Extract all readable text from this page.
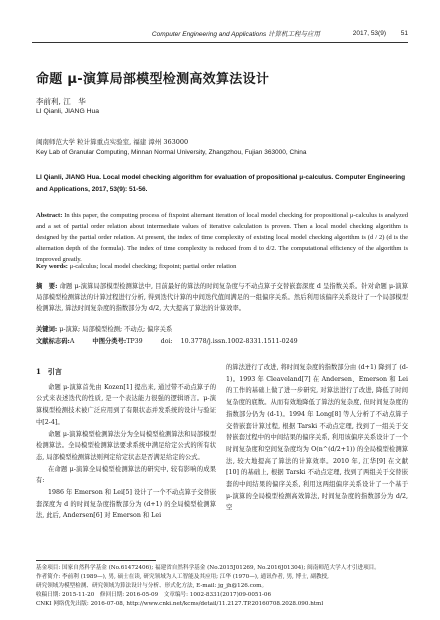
Computer Engineering and Applications 计算机工程与应用	2017, 53(9)	51
命题 μ-演算局部模型检测高效算法设计
李前利, 江　华
LI Qianli, JIANG Hua
闽南师范大学 粒计算重点实验室, 福建 漳州 363000
Key Lab of Granular Computing, Minnan Normal University, Zhangzhou, Fujian 363000, China
LI Qianli, JIANG Hua. Local model checking algorithm for evaluation of propositional μ-calculus. Computer Engineering and Applications, 2017, 53(9): 51-56.
Abstract: In this paper, the computing process of fixpoint alternant iteration of local model checking for propositional μ-calculus is analyzed and a set of partial order relation about intermediate values of iterative calculation is proven. Then a local model checking algorithm is designed by the partial order relation. At present, the index of time complexity of existing local model checking algorithm is (d / 2) (d is the alternation depth of the formula). The index of time complexity is reduced from d to d/2. The computational efficiency of the algorithm is improved greatly.
Key words: μ-calculus; local model checking; fixpoint; partial order relation
摘　要: 命题 μ-演算局部模型检测算法中, 目前最好的算法的时间复杂度与不动点算子交替嵌套深度 d 呈指数关系。针对命题 μ-演算局部模型检测算法的计算过程进行分析, 得到迭代计算的中间迭代值间满足的一组偏序关系。然后利用该偏序关系设计了一个局部模型检测算法, 算法时间复杂度的指数部分为 d/2, 大大提高了算法的计算效率。
关键词: μ-演算; 局部模型检测; 不动点; 偏序关系
文献标志码:A	中图分类号:TP39	doi: 10.3778/j.issn.1002-8331.1511-0249
1　引言

命题 μ-演算首先由 Kozen[1] 提出来, 通过带不动点算子的公式来表述迭代的性质, 是一个表达能力很强的逻辑语言。μ-演算模型检测技术被广泛应用到了有限状态并发系统的设计与验证中[2-4]。

命题 μ-演算模型检测算法分为全局模型检测算法和局部模型检测算法。全局模型检测算法要求系统中满足给定公式的所有状态, 局部模型检测算法则判定给定状态是否满足给定的公式。

在命题 μ-演算全局模型检测算法的研究中, 较有影响的成果有:

1986 年 Emerson 和 Lei[5] 设计了一个不动点算子交替嵌套深度为 d 的时间复杂度指数部分为 (d+1) 的全局模型检测算法, 此后, Andersen[6] 对 Emerson 和 Lei

的算法进行了改进, 将时间复杂度的指数部分由 (d+1) 降到了 (d-1)。1993 年 Cleaveland[7] 在 Andersen、Emerson 和 Lei 的工作的基础上做了进一步研究, 对算法进行了改进, 降低了时间复杂度的底数。从而有效地降低了算法的复杂度, 但时间复杂度的指数部分仍为 (d-1)。1994 年 Long[8] 等人分析了不动点算子交替嵌套计算过程, 根据 Tarski 不动点定理, 找到了一组关于交替嵌套过程中的中间结果的偏序关系, 利用该偏序关系设计了一个时间复杂度和空间复杂度均为 O(n^(d/2+1)) 的全局模型检测算法, 较大地提高了算法的计算效率。2010 年, 江华[9] 在文献 [10] 的基础上, 根据 Tarski 不动点定理, 找到了两组关于交替嵌套的中间结果的偏序关系, 利用这两组偏序关系设计了一个基于 μ-演算的全局模型检测高效算法, 时间复杂度的指数部分为 d/2, 空

基金项目: 国家自然科学基金 (No.61472406); 福建省自然科学基金 (No.2015J01269, No.2016J01304); 闽南师范大学人才引进项目。
作者简介: 李前利 (1989—), 男, 硕士在读, 研究领域为人工智能及其应用; 江华 (1970—), 通讯作者, 男, 博士, 副教授,
研究领域为模型检测、研究领域为算法设计与分析、形式化方法, E-mail: jg_jh@126.com。
收稿日期: 2015-11-20　修回日期: 2016-05-09　文章编号: 1002-8331(2017)09-0051-06
CNKI 网络优先出版: 2016-07-08, http://www.cnki.net/kcms/detail/11.2127.TP.20160708.2028.090.html
